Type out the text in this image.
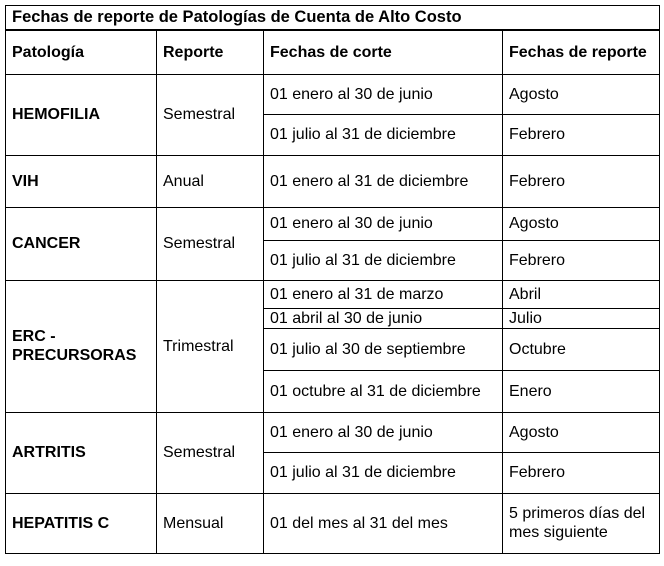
Fechas de reporte de Patologías de Cuenta de Alto Costo			
Patología	Reporte	Fechas de corte	Fechas de reporte
HEMOFILIA	Semestral	01 enero al 30 de junio	Agosto
		01 julio al 31 de diciembre	Febrero
VIH	Anual	01 enero al 31 de diciembre	Febrero
CANCER	Semestral	01 enero al 30 de junio	Agosto
		01 julio al 31 de diciembre	Febrero
ERC - PRECURSORAS	Trimestral	01 enero al 31 de marzo	Abril
		01 abril al 30 de junio	Julio
		01 julio al 30 de septiembre	Octubre
		01 octubre al 31 de diciembre	Enero
ARTRITIS	Semestral	01 enero al 30 de junio	Agosto
		01 julio al 31 de diciembre	Febrero
HEPATITIS C	Mensual	01 del mes al 31 del mes	5 primeros días del mes siguiente
